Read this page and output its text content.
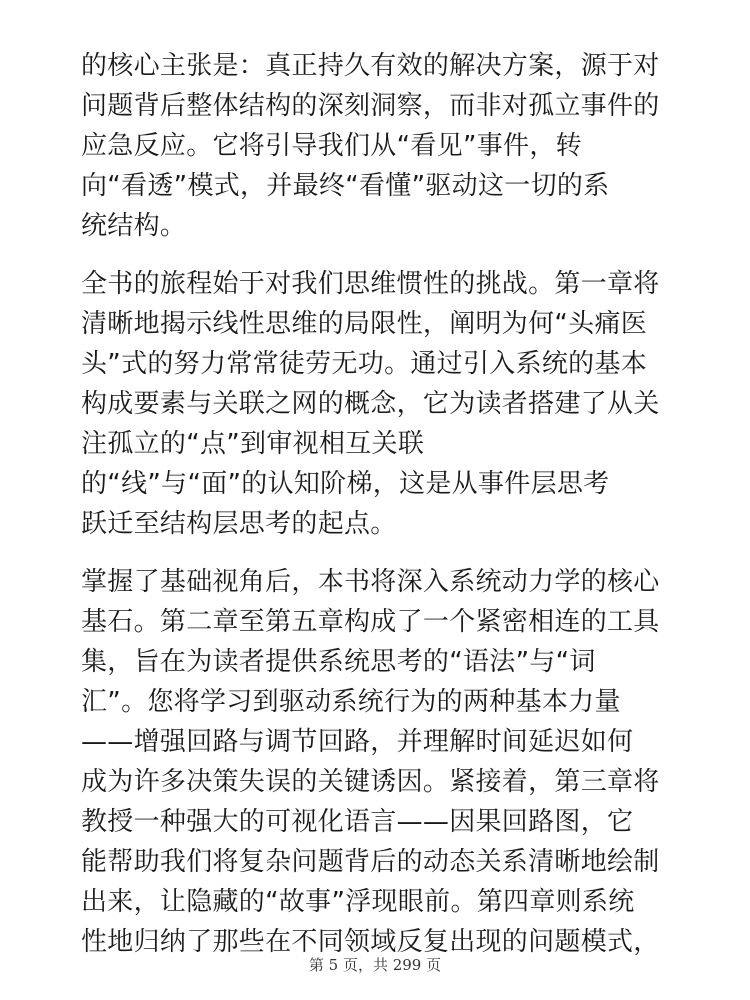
的核心主张是：真正持久有效的解决方案，源于对
问题背后整体结构的深刻洞察，而非对孤立事件的
应急反应。它将引导我们从“看见”事件，转
向“看透”模式，并最终“看懂”驱动这一切的系
统结构。
全书的旅程始于对我们思维惯性的挑战。第一章将
清晰地揭示线性思维的局限性，阐明为何“头痛医
头”式的努力常常徒劳无功。通过引入系统的基本
构成要素与关联之网的概念，它为读者搭建了从关
注孤立的“点”到审视相互关联
的“线”与“面”的认知阶梯，这是从事件层思考
跃迁至结构层思考的起点。
掌握了基础视角后，本书将深入系统动力学的核心
基石。第二章至第五章构成了一个紧密相连的工具
集，旨在为读者提供系统思考的“语法”与“词
汇”。您将学习到驱动系统行为的两种基本力量
——增强回路与调节回路，并理解时间延迟如何
成为许多决策失误的关键诱因。紧接着，第三章将
教授一种强大的可视化语言——因果回路图，它
能帮助我们将复杂问题背后的动态关系清晰地绘制
出来，让隐藏的“故事”浮现眼前。第四章则系统
性地归纳了那些在不同领域反复出现的问题模式，
第 5 页，共 299 页
